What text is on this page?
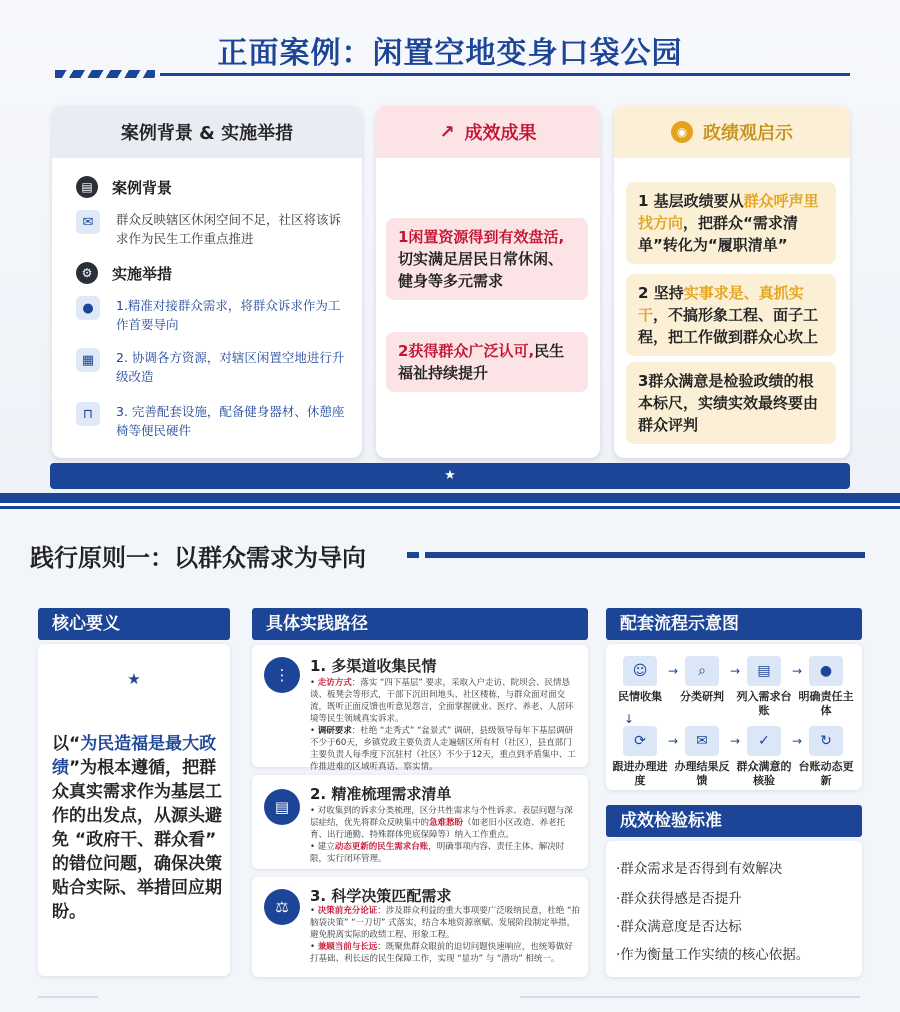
正面案例：闲置空地变身口袋公园
案例背景 & 实施举措
▤	案例背景
✉	群众反映辖区休闲空间不足，社区将该诉求作为民生工作重点推进
⚙	实施举措
●	1.精准对接群众需求，将群众诉求作为工作首要导向
▦	2. 协调各方资源，对辖区闲置空地进行升级改造
⊓	3. 完善配套设施，配备健身器材、休憩座椅等便民硬件
↗ 成效成果
1闲置资源得到有效盘活,切实满足居民日常休闲、健身等多元需求
2获得群众广泛认可,民生福祉持续提升
◉ 政绩观启示
1 基层政绩要从群众呼声里找方向，把群众“需求清单”转化为“履职清单”
2 坚持实事求是、真抓实干，不搞形象工程、面子工程，把工作做到群众心坎上
3群众满意是检验政绩的根本标尺，实绩实效最终要由群众评判
★
践行原则一：以群众需求为导向
核心要义
★
以“为民造福是最大政绩”为根本遵循，把群众真实需求作为基层工作的出发点，从源头避免 “政府干、群众看” 的错位问题，确保决策贴合实际、举措回应期盼。
具体实践路径
⋮	1. 多渠道收集民情
• 走访方式：落实 “四下基层” 要求，采取入户走访、院坝会、民情恳谈、板凳会等形式，干部下沉田间地头、社区楼栋，与群众面对面交流，既听正面反馈也听意见怨言，全面掌握就业、医疗、养老、人居环境等民生领域真实诉求。
• 调研要求：杜绝 “走秀式” “盆景式” 调研，县级领导每年下基层调研不少于60天，乡镇党政主要负责人走遍辖区所有村（社区），县直部门主要负责人每季度下沉驻村（社区）不少于12天，重点到矛盾集中、工作推进难的区域听真话、察实情。
▤
2. 精准梳理需求清单
• 对收集到的诉求分类梳理，区分共性需求与个性诉求、表层问题与深层症结，优先将群众反映集中的急难愁盼（如老旧小区改造、养老托育、出行通勤、特殊群体兜底保障等）纳入工作重点。
• 建立动态更新的民生需求台账，明确事项内容、责任主体、解决时限，实行闭环管理。
⚖
3. 科学决策匹配需求
• 决策前充分论证：涉及群众利益的重大事项要广泛吸纳民意，杜绝 “拍脑袋决策” “一刀切” 式落实，结合本地资源禀赋、发展阶段制定举措，避免脱离实际的政绩工程、形象工程。
• 兼顾当前与长远：既聚焦群众眼前的迫切问题快速响应，也统筹做好打基础、利长远的民生保障工作，实现 “显功” 与 “潜功” 相统一。
配套流程示意图
☺
民情收集
→	⌕
分类研判
→	▤
列入需求台账
→	●
明确责任主体
↓
⟳
跟进办理进度
→	✉
办理结果反馈
→	✓
群众满意的核验
→	↻
台账动态更新
成效检验标准
·群众需求是否得到有效解决
·群众获得感是否提升
·群众满意度是否达标
·作为衡量工作实绩的核心依据。
